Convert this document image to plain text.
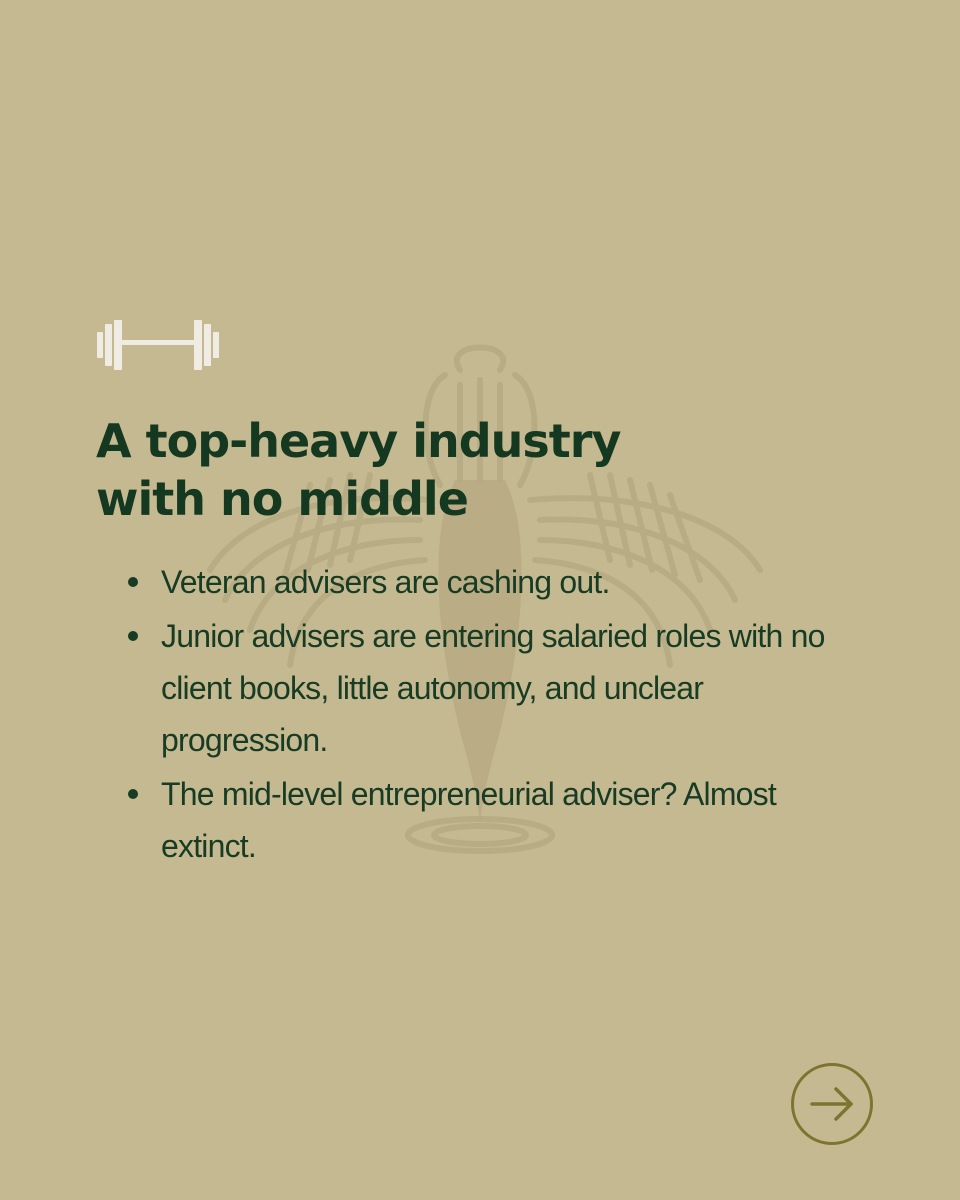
A top-heavy industry
with no middle
Veteran advisers are cashing out.
Junior advisers are entering salaried roles with no client books, little autonomy, and unclear progression.
The mid-level entrepreneurial adviser? Almost extinct.
